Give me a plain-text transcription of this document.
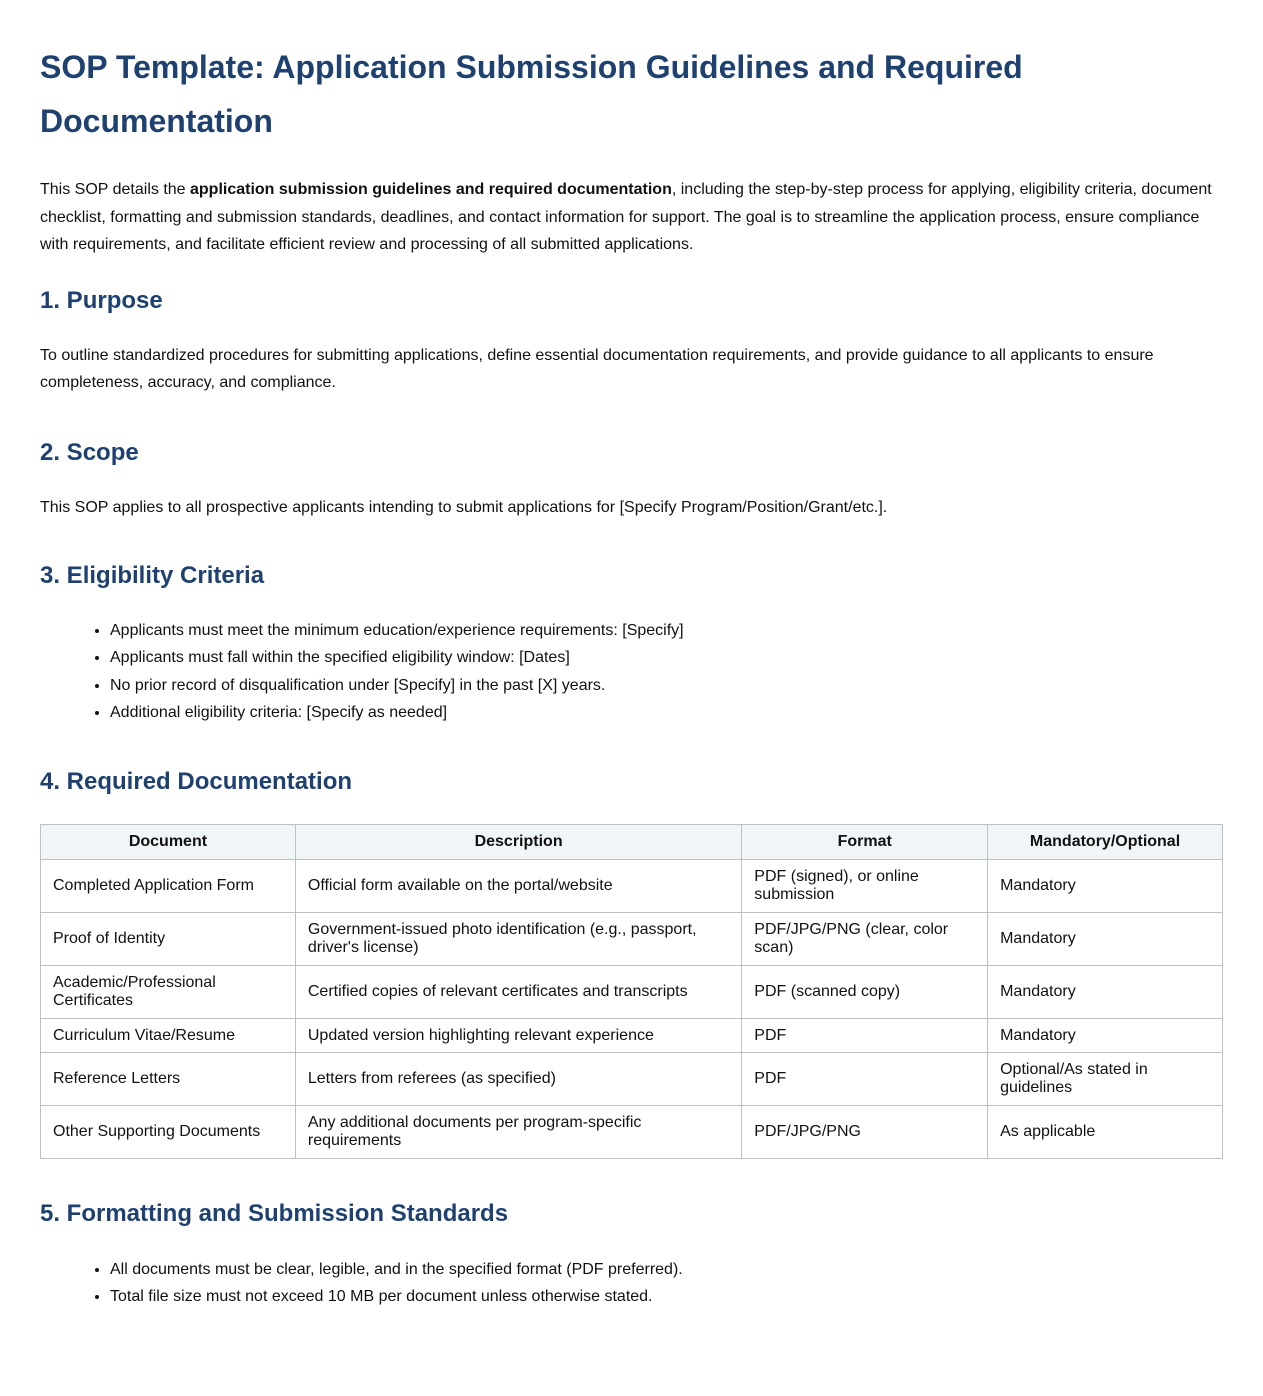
SOP Template: Application Submission Guidelines and Required Documentation

This SOP details the application submission guidelines and required documentation, including the step-by-step process for applying, eligibility criteria, document checklist, formatting and submission standards, deadlines, and contact information for support. The goal is to streamline the application process, ensure compliance with requirements, and facilitate efficient review and processing of all submitted applications.

1. Purpose

To outline standardized procedures for submitting applications, define essential documentation requirements, and provide guidance to all applicants to ensure completeness, accuracy, and compliance.

2. Scope

This SOP applies to all prospective applicants intending to submit applications for [Specify Program/Position/Grant/etc.].

3. Eligibility Criteria
• Applicants must meet the minimum education/experience requirements: [Specify]
• Applicants must fall within the specified eligibility window: [Dates]
• No prior record of disqualification under [Specify] in the past [X] years.
• Additional eligibility criteria: [Specify as needed]
4. Required Documentation
Document	Description	Format	Mandatory/Optional
Completed Application Form	Official form available on the portal/website	PDF (signed), or online submission	Mandatory
Proof of Identity	Government-issued photo identification (e.g., passport, driver's license)	PDF/JPG/PNG (clear, color scan)	Mandatory
Academic/Professional Certificates	Certified copies of relevant certificates and transcripts	PDF (scanned copy)	Mandatory
Curriculum Vitae/Resume	Updated version highlighting relevant experience	PDF	Mandatory
Reference Letters	Letters from referees (as specified)	PDF	Optional/As stated in guidelines
Other Supporting Documents	Any additional documents per program-specific requirements	PDF/JPG/PNG	As applicable
5. Formatting and Submission Standards
• All documents must be clear, legible, and in the specified format (PDF preferred).
• Total file size must not exceed 10 MB per document unless otherwise stated.
